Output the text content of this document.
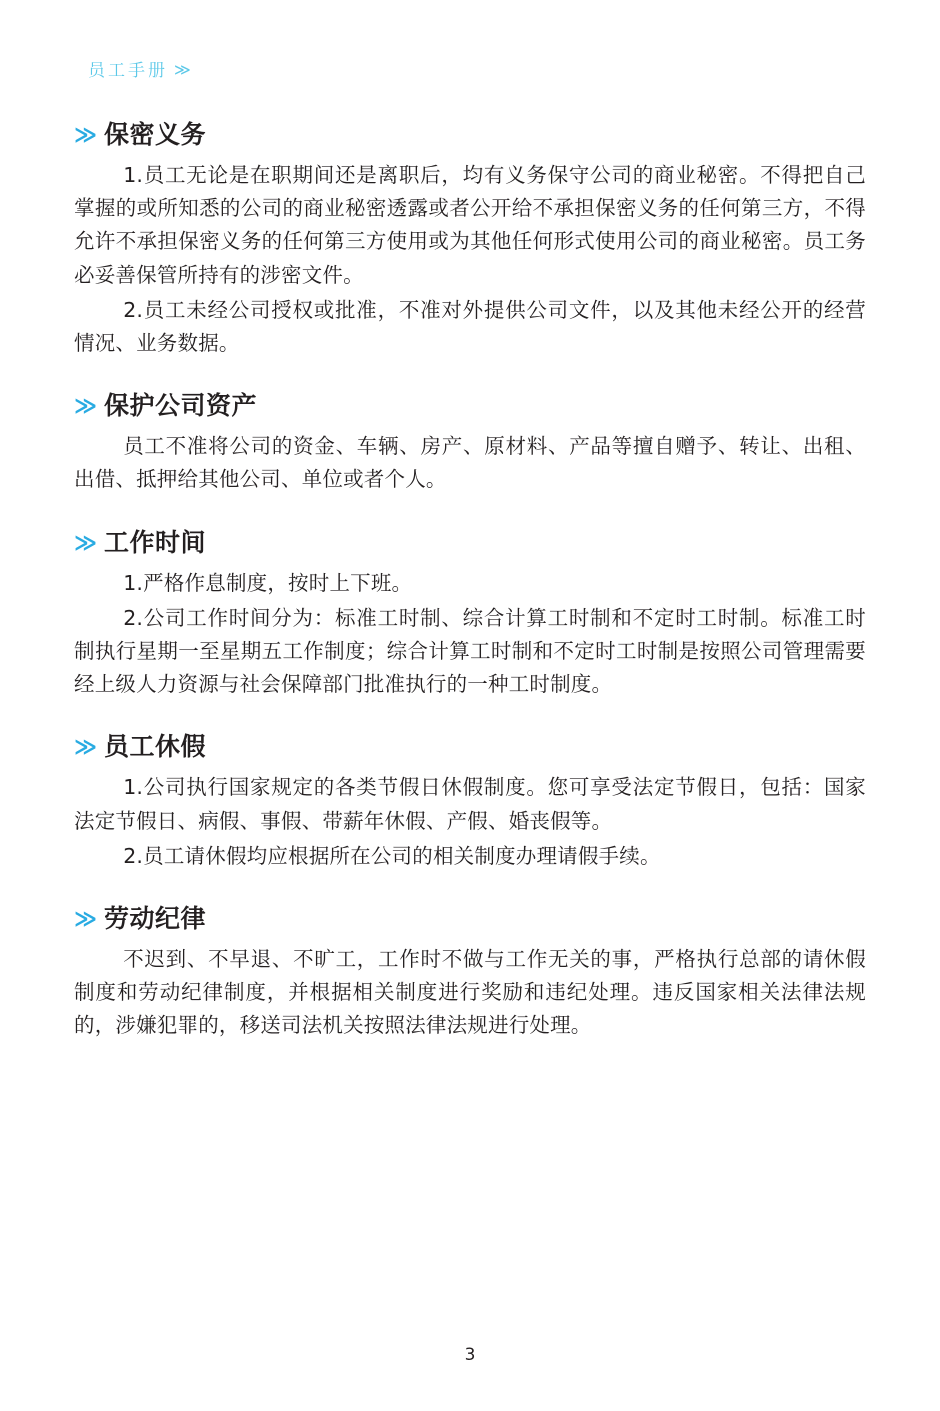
员工手册 ≫
≫ 保密义务

1.员工无论是在职期间还是离职后，均有义务保守公司的商业秘密。不得把自己掌握的或所知悉的公司的商业秘密透露或者公开给不承担保密义务的任何第三方，不得允许不承担保密义务的任何第三方使用或为其他任何形式使用公司的商业秘密。员工务必妥善保管所持有的涉密文件。

2.员工未经公司授权或批准，不准对外提供公司文件，以及其他未经公开的经营情况、业务数据。

≫ 保护公司资产

员工不准将公司的资金、车辆、房产、原材料、产品等擅自赠予、转让、出租、出借、抵押给其他公司、单位或者个人。

≫ 工作时间

1.严格作息制度，按时上下班。

2.公司工作时间分为：标准工时制、综合计算工时制和不定时工时制。标准工时制执行星期一至星期五工作制度；综合计算工时制和不定时工时制是按照公司管理需要经上级人力资源与社会保障部门批准执行的一种工时制度。

≫ 员工休假

1.公司执行国家规定的各类节假日休假制度。您可享受法定节假日，包括：国家法定节假日、病假、事假、带薪年休假、产假、婚丧假等。

2.员工请休假均应根据所在公司的相关制度办理请假手续。

≫ 劳动纪律

不迟到、不早退、不旷工，工作时不做与工作无关的事，严格执行总部的请休假制度和劳动纪律制度，并根据相关制度进行奖励和违纪处理。违反国家相关法律法规的，涉嫌犯罪的，移送司法机关按照法律法规进行处理。

3
